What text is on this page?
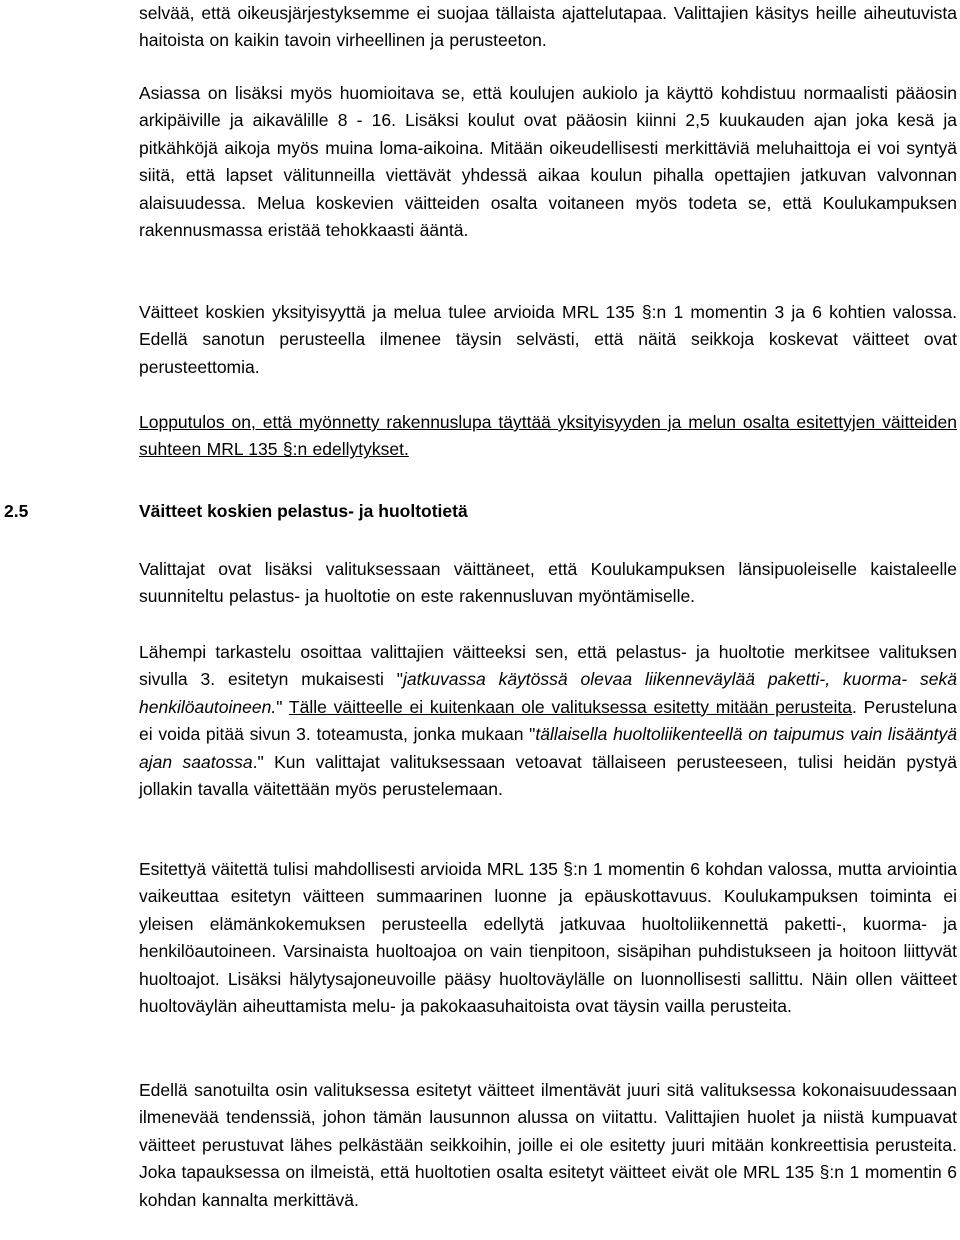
selvää, että oikeusjärjestyksemme ei suojaa tällaista ajattelutapaa. Valittajien käsitys heille aiheutuvista haitoista on kaikin tavoin virheellinen ja perusteeton.

Asiassa on lisäksi myös huomioitava se, että koulujen aukiolo ja käyttö kohdistuu normaalisti pääosin arkipäiville ja aikavälille 8 - 16. Lisäksi koulut ovat pääosin kiinni 2,5 kuukauden ajan joka kesä ja pitkähköjä aikoja myös muina loma-aikoina. Mitään oikeudellisesti merkittäviä meluhaittoja ei voi syntyä siitä, että lapset välitunneilla viettävät yhdessä aikaa koulun pihalla opettajien jatkuvan valvonnan alaisuudessa. Melua koskevien väitteiden osalta voitaneen myös todeta se, että Koulukampuksen rakennusmassa eristää tehokkaasti ääntä.

Väitteet koskien yksityisyyttä ja melua tulee arvioida MRL 135 §:n 1 momentin 3 ja 6 kohtien valossa. Edellä sanotun perusteella ilmenee täysin selvästi, että näitä seikkoja koskevat väitteet ovat perusteettomia.

Lopputulos on, että myönnetty rakennuslupa täyttää yksityisyyden ja melun osalta esitettyjen väitteiden suhteen MRL 135 §:n edellytykset.

2.5	Väitteet koskien pelastus- ja huoltotietä

Valittajat ovat lisäksi valituksessaan väittäneet, että Koulukampuksen länsipuoleiselle kaistaleelle suunniteltu pelastus- ja huoltotie on este rakennusluvan myöntämiselle.

Lähempi tarkastelu osoittaa valittajien väitteeksi sen, että pelastus- ja huoltotie merkitsee valituksen sivulla 3. esitetyn mukaisesti "jatkuvassa käytössä olevaa liikenneväylää paketti-, kuorma- sekä henkilöautoineen." Tälle väitteelle ei kuitenkaan ole valituksessa esitetty mitään perusteita. Perusteluna ei voida pitää sivun 3. toteamusta, jonka mukaan "tällaisella huoltoliikenteellä on taipumus vain lisääntyä ajan saatossa." Kun valittajat valituksessaan vetoavat tällaiseen perusteeseen, tulisi heidän pystyä jollakin tavalla väitettään myös perustelemaan.

Esitettyä väitettä tulisi mahdollisesti arvioida MRL 135 §:n 1 momentin 6 kohdan valossa, mutta arviointia vaikeuttaa esitetyn väitteen summaarinen luonne ja epäuskottavuus. Koulukampuksen toiminta ei yleisen elämänkokemuksen perusteella edellytä jatkuvaa huoltoliikennettä paketti-, kuorma- ja henkilöautoineen. Varsinaista huoltoajoa on vain tienpitoon, sisäpihan puhdistukseen ja hoitoon liittyvät huoltoajot. Lisäksi hälytysajoneuvoille pääsy huoltoväylälle on luonnollisesti sallittu. Näin ollen väitteet huoltoväylän aiheuttamista melu- ja pakokaasuhaitoista ovat täysin vailla perusteita.

Edellä sanotuilta osin valituksessa esitetyt väitteet ilmentävät juuri sitä valituksessa kokonaisuudessaan ilmenevää tendenssiä, johon tämän lausunnon alussa on viitattu. Valittajien huolet ja niistä kumpuavat väitteet perustuvat lähes pelkästään seikkoihin, joille ei ole esitetty juuri mitään konkreettisia perusteita. Joka tapauksessa on ilmeistä, että huoltotien osalta esitetyt väitteet eivät ole MRL 135 §:n 1 momentin 6 kohdan kannalta merkittävä.
